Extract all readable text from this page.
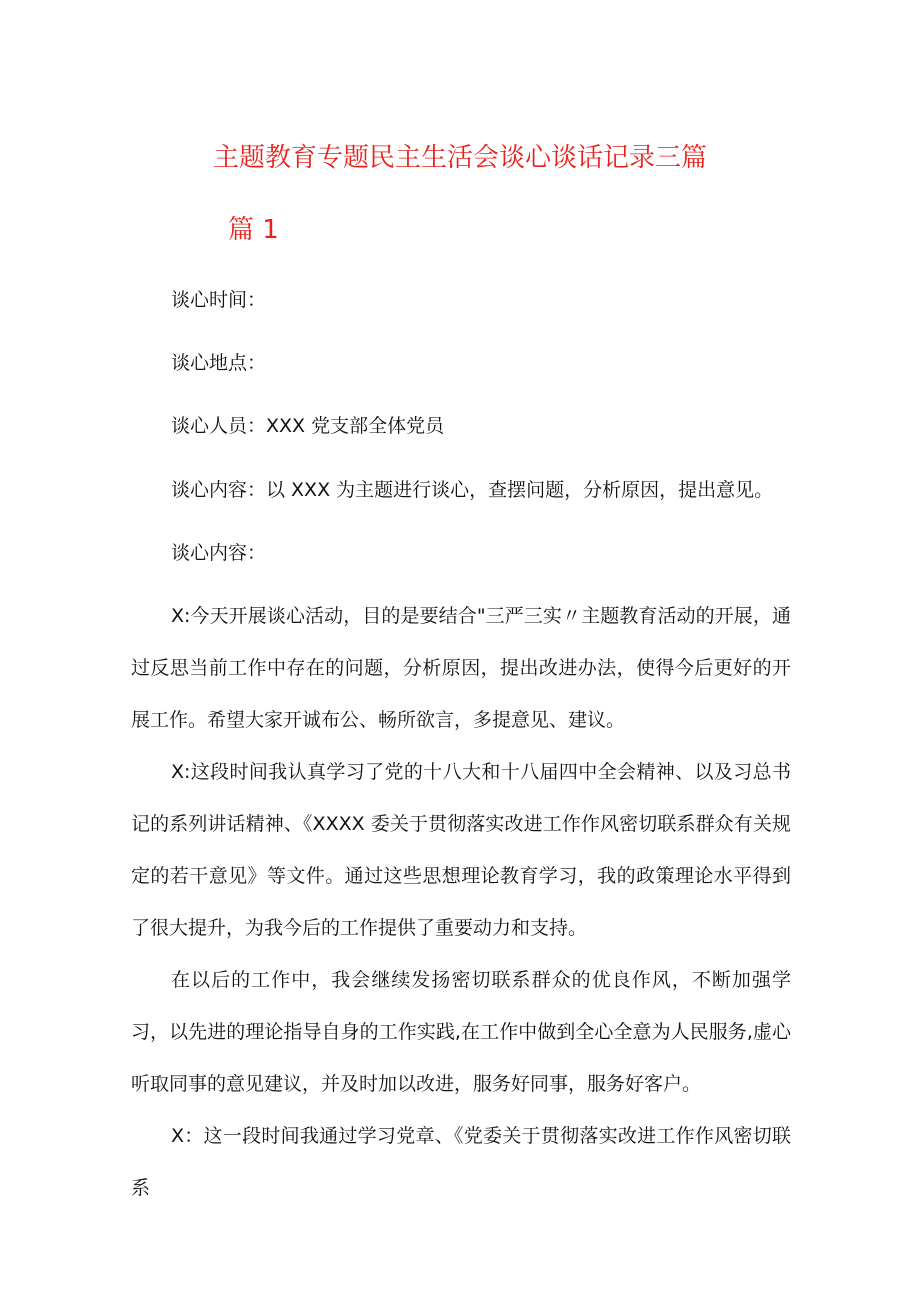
主题教育专题民主生活会谈心谈话记录三篇
篇 1
谈心时间：
谈心地点：
谈心人员：XXX 党支部全体党员
谈心内容：以 XXX 为主题进行谈心，查摆问题，分析原因，提出意见。
谈心内容：
X:今天开展谈心活动，目的是要结合"三严三实〃主题教育活动的开展，通过反思当前工作中存在的问题，分析原因，提出改进办法，使得今后更好的开展工作。希望大家开诚布公、畅所欲言，多提意见、建议。
X:这段时间我认真学习了党的十八大和十八届四中全会精神、以及习总书记的系列讲话精神、《XXXX 委关于贯彻落实改进工作作风密切联系群众有关规定的若干意见》等文件。通过这些思想理论教育学习，我的政策理论水平得到了很大提升，为我今后的工作提供了重要动力和支持。
在以后的工作中，我会继续发扬密切联系群众的优良作风，不断加强学习，以先进的理论指导自身的工作实践,在工作中做到全心全意为人民服务,虚心听取同事的意见建议，并及时加以改进，服务好同事，服务好客户。
X：这一段时间我通过学习党章、《党委关于贯彻落实改进工作作风密切联系
